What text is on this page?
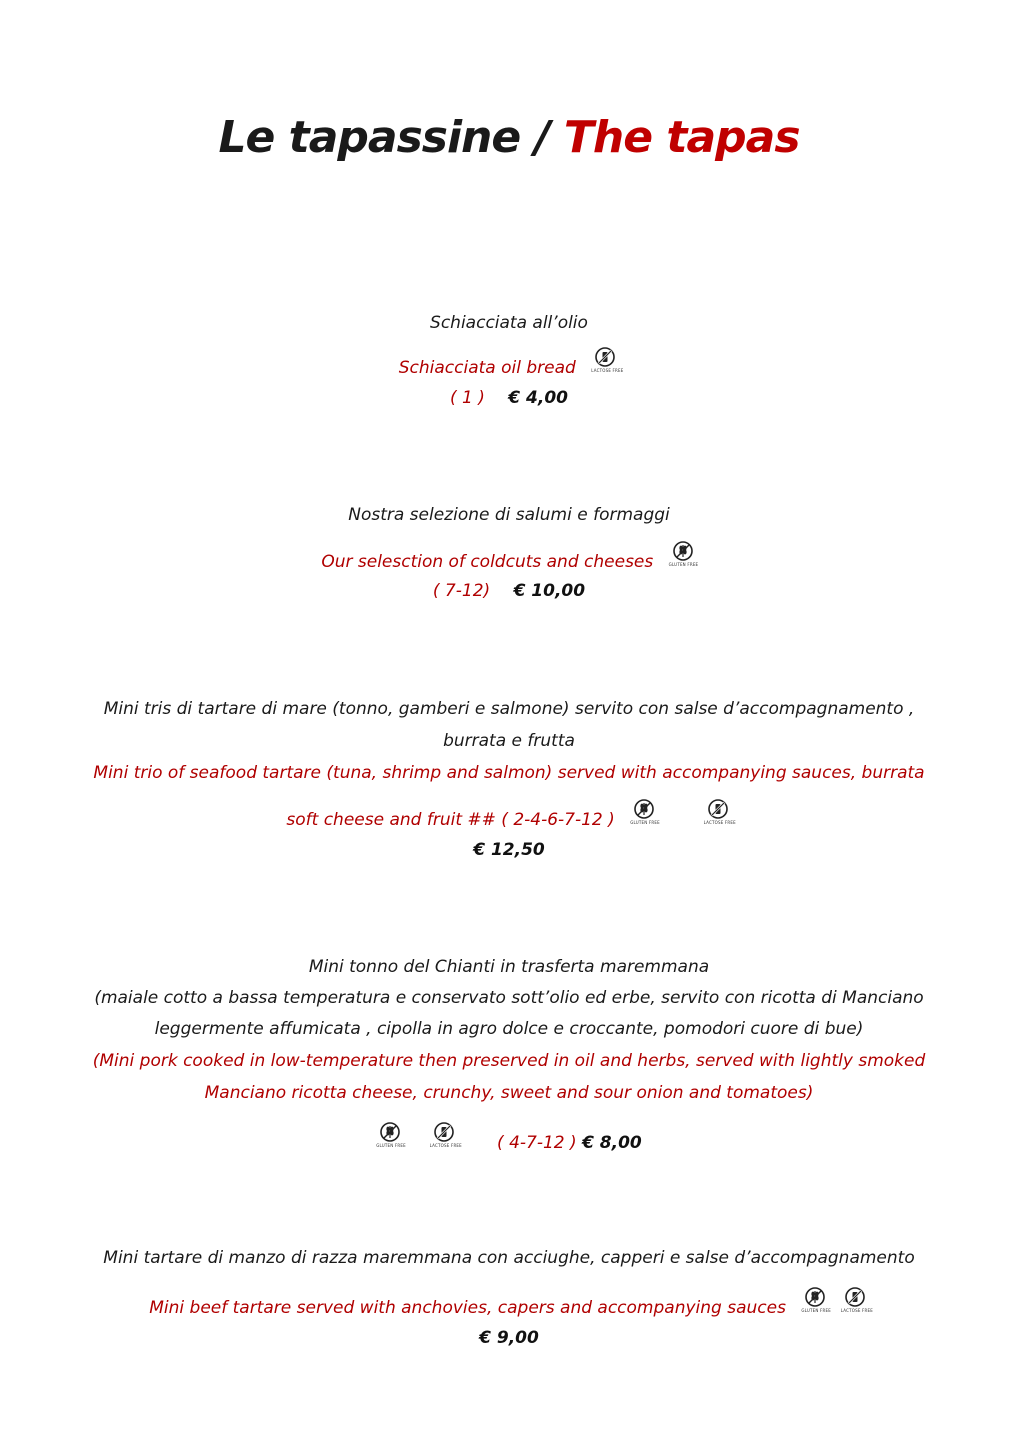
Le tapassine / The tapas
Schiacciata all’olio
Schiacciata oil bread	LACTOSE FREE
( 1 ) € 4,00
Nostra selezione di salumi e formaggi
Our selesction of coldcuts and cheeses	GLUTEN FREE
( 7-12) € 10,00
Mini tris di tartare di mare (tonno, gamberi e salmone) servito con salse d’accompagnamento ,
burrata e frutta
Mini trio of seafood tartare (tuna, shrimp and salmon) served with accompanying sauces, burrata
soft cheese and fruit ## ( 2-4-6-7-12 )	GLUTEN FREE
	LACTOSE FREE
€ 12,50
Mini tonno del Chianti in trasferta maremmana
(maiale cotto a bassa temperatura e conservato sott’olio ed erbe, servito con ricotta di Manciano
leggermente affumicata , cipolla in agro dolce e croccante, pomodori cuore di bue)
(Mini pork cooked in low-temperature then preserved in oil and herbs, served with lightly smoked
Manciano ricotta cheese, crunchy, sweet and sour onion and tomatoes)
GLUTEN FREE
	LACTOSE FREE ( 4-7-12 ) € 8,00
Mini tartare di manzo di razza maremmana con acciughe, capperi e salse d’accompagnamento
Mini beef tartare served with anchovies, capers and accompanying sauces	GLUTEN FREE
LACTOSE FREE
€ 9,00
